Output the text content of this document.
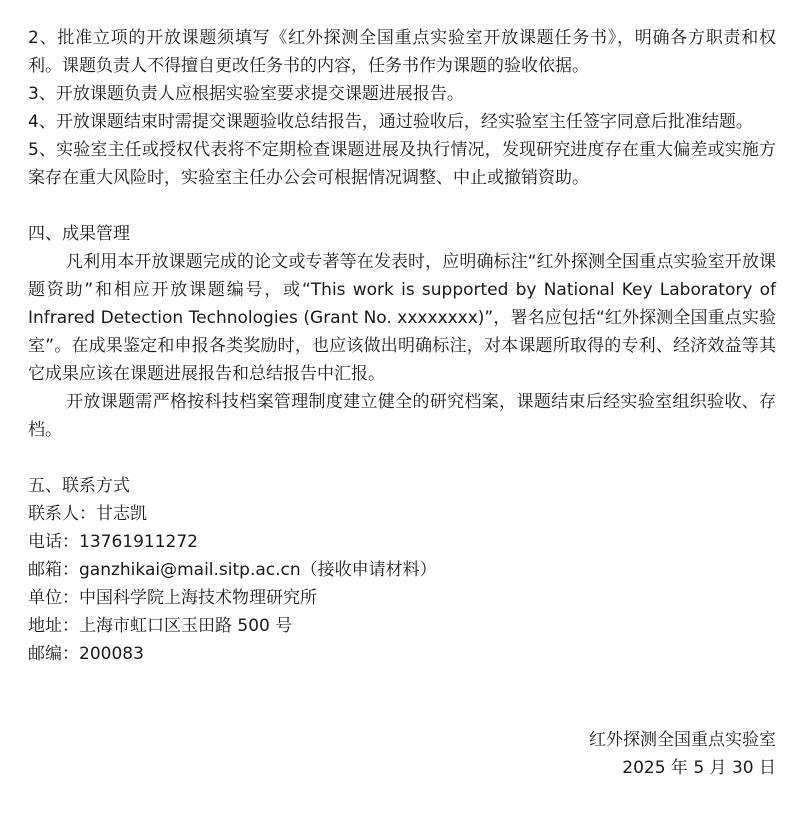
2、批准立项的开放课题须填写《红外探测全国重点实验室开放课题任务书》，明确各方职责和权利。课题负责人不得擅自更改任务书的内容，任务书作为课题的验收依据。

3、开放课题负责人应根据实验室要求提交课题进展报告。

4、开放课题结束时需提交课题验收总结报告，通过验收后，经实验室主任签字同意后批准结题。

5、实验室主任或授权代表将不定期检查课题进展及执行情况，发现研究进度存在重大偏差或实施方案存在重大风险时，实验室主任办公会可根据情况调整、中止或撤销资助。

四、成果管理

凡利用本开放课题完成的论文或专著等在发表时，应明确标注“红外探测全国重点实验室开放课题资助”和相应开放课题编号，或“This work is supported by National Key Laboratory of Infrared Detection Technologies (Grant No. xxxxxxxx)”，署名应包括“红外探测全国重点实验室”。在成果鉴定和申报各类奖励时，也应该做出明确标注，对本课题所取得的专利、经济效益等其它成果应该在课题进展报告和总结报告中汇报。

开放课题需严格按科技档案管理制度建立健全的研究档案，课题结束后经实验室组织验收、存档。

五、联系方式

联系人：甘志凯

电话：13761911272

邮箱：ganzhikai@mail.sitp.ac.cn（接收申请材料）

单位：中国科学院上海技术物理研究所

地址：上海市虹口区玉田路 500 号

邮编：200083

红外探测全国重点实验室
2025 年 5 月 30 日
